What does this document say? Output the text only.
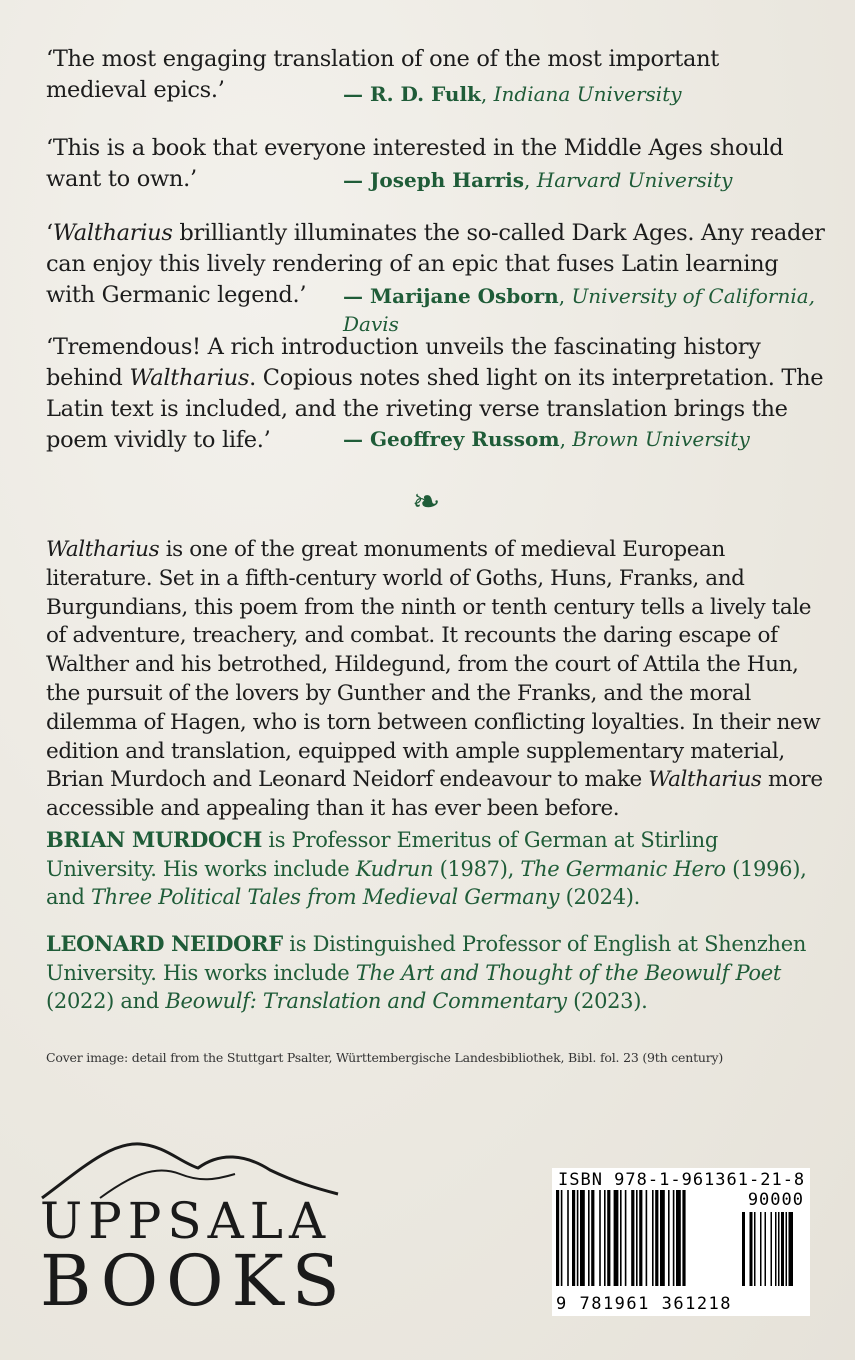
‘The most engaging translation of one of the most important medieval epics.’	— R. D. Fulk, Indiana University
‘This is a book that everyone interested in the Middle Ages should want to own.’	— Joseph Harris, Harvard University
‘Waltharius brilliantly illuminates the so-called Dark Ages. Any reader can enjoy this lively rendering of an epic that fuses Latin learning with Germanic legend.’	— Marijane Osborn, University of California, Davis
‘Tremendous! A rich introduction unveils the fascinating history behind Waltharius. Copious notes shed light on its interpretation. The Latin text is included, and the riveting verse translation brings the poem vividly to life.’	— Geoffrey Russom, Brown University
❧
Waltharius is one of the great monuments of medieval European literature. Set in a fifth-century world of Goths, Huns, Franks, and Burgundians, this poem from the ninth or tenth century tells a lively tale of adventure, treachery, and combat. It recounts the daring escape of Walther and his betrothed, Hildegund, from the court of Attila the Hun, the pursuit of the lovers by Gunther and the Franks, and the moral dilemma of Hagen, who is torn between conflicting loyalties. In their new edition and translation, equipped with ample supplementary material, Brian Murdoch and Leonard Neidorf endeavour to make Waltharius more accessible and appealing than it has ever been before.
BRIAN MURDOCH is Professor Emeritus of German at Stirling University. His works include Kudrun (1987), The Germanic Hero (1996), and Three Political Tales from Medieval Germany (2024).
LEONARD NEIDORF is Distinguished Professor of English at Shenzhen University. His works include The Art and Thought of the Beowulf Poet (2022) and Beowulf: Translation and Commentary (2023).
Cover image: detail from the Stuttgart Psalter, Württembergische Landesbibliothek, Bibl. fol. 23 (9th century)
UPPSALA
BOOKS
ISBN 978-1-961361-21-8
90000
9 781961 361218
